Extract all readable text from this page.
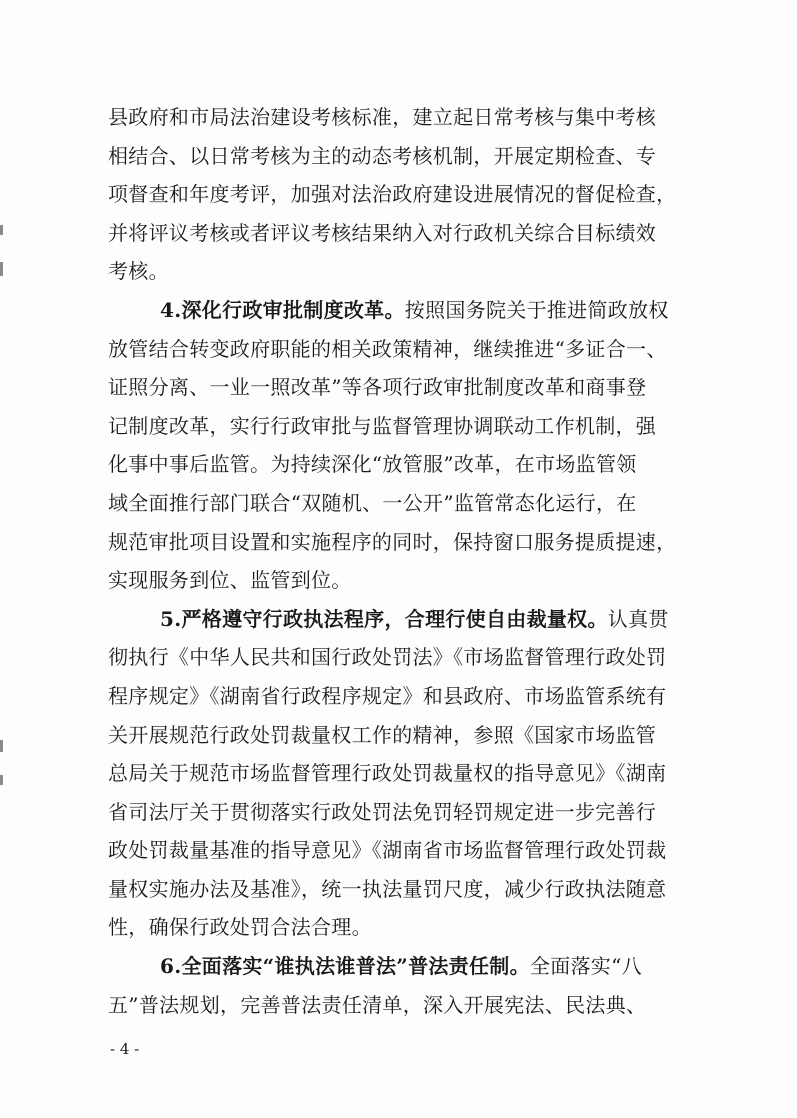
县政府和市局法治建设考核标准，建立起日常考核与集中考核
相结合、以日常考核为主的动态考核机制，开展定期检查、专
项督查和年度考评，加强对法治政府建设进展情况的督促检查，
并将评议考核或者评议考核结果纳入对行政机关综合目标绩效
考核。
4.深化行政审批制度改革。按照国务院关于推进简政放权
放管结合转变政府职能的相关政策精神，继续推进“多证合一、
证照分离、一业一照改革”等各项行政审批制度改革和商事登
记制度改革，实行行政审批与监督管理协调联动工作机制，强
化事中事后监管。为持续深化“放管服”改革，在市场监管领
域全面推行部门联合“双随机、一公开”监管常态化运行，在
规范审批项目设置和实施程序的同时，保持窗口服务提质提速，
实现服务到位、监管到位。
5.严格遵守行政执法程序，合理行使自由裁量权。认真贯
彻执行《中华人民共和国行政处罚法》《市场监督管理行政处罚
程序规定》《湖南省行政程序规定》和县政府、市场监管系统有
关开展规范行政处罚裁量权工作的精神，参照《国家市场监管
总局关于规范市场监督管理行政处罚裁量权的指导意见》《湖南
省司法厅关于贯彻落实行政处罚法免罚轻罚规定进一步完善行
政处罚裁量基准的指导意见》《湖南省市场监督管理行政处罚裁
量权实施办法及基准》，统一执法量罚尺度，减少行政执法随意
性，确保行政处罚合法合理。
6.全面落实“谁执法谁普法”普法责任制。全面落实“八
五”普法规划，完善普法责任清单，深入开展宪法、民法典、
- 4 -
